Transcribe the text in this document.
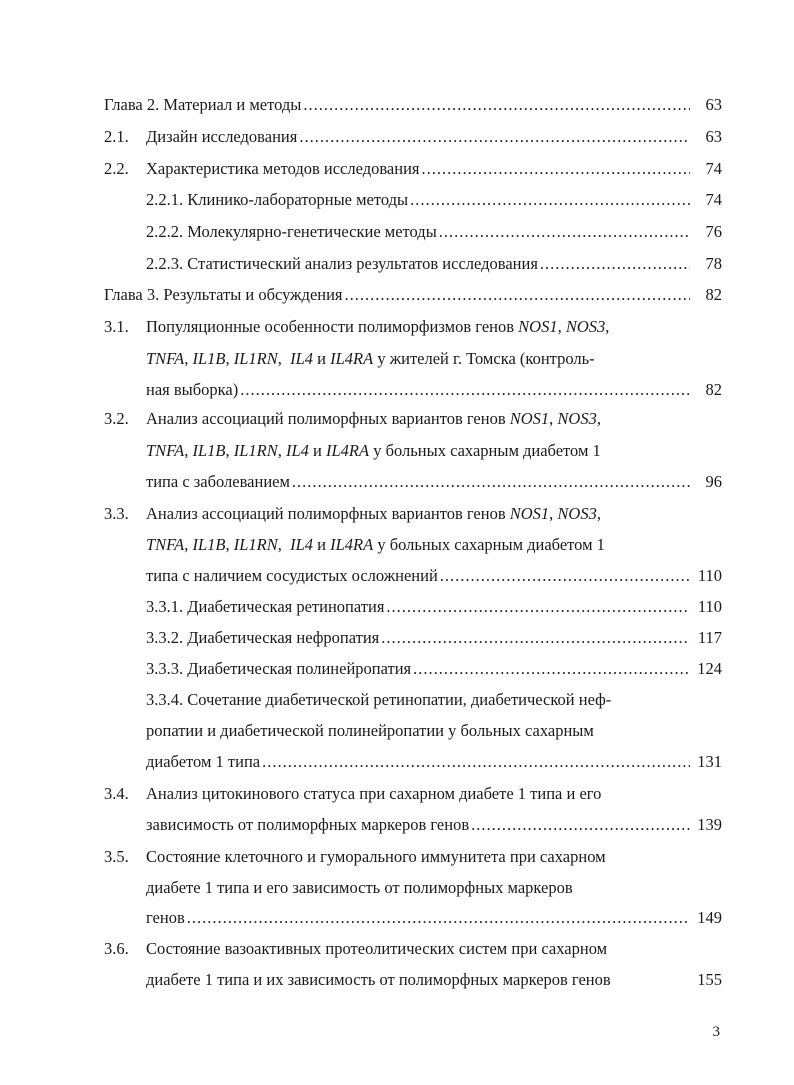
Глава 2. Материал и методы .....	63
2.1. Дизайн исследования .....	63
2.2. Характеристика методов исследования .....	74
2.2.1. Клинико-лабораторные методы .....	74
2.2.2. Молекулярно-генетические методы .....	76
2.2.3. Статистический анализ результатов исследования .....	78
Глава 3. Результаты и обсуждения .....	82
3.1. Популяционные особенности полиморфизмов генов NOS1, NOS3,
TNFA, IL1B, IL1RN,  IL4 и IL4RA у жителей г. Томска (контроль-
ная выборка) .....	82
3.2. Анализ ассоциаций полиморфных вариантов генов NOS1, NOS3,
TNFA, IL1B, IL1RN, IL4 и IL4RA у больных сахарным диабетом 1
типа с заболеванием .....	96
3.3. Анализ ассоциаций полиморфных вариантов генов NOS1, NOS3,
TNFA, IL1B, IL1RN,  IL4 и IL4RA у больных сахарным диабетом 1
типа с наличием сосудистых осложнений .....	110
3.3.1. Диабетическая ретинопатия .....	110
3.3.2. Диабетическая нефропатия .....	117
3.3.3. Диабетическая полинейропатия .....	124
3.3.4. Сочетание диабетической ретинопатии, диабетической неф-
ропатии и диабетической полинейропатии у больных сахарным
диабетом 1 типа .....	131
3.4. Анализ цитокинового статуса при сахарном диабете 1 типа и его
зависимость от полиморфных маркеров генов .....	139
3.5. Состояние клеточного и гуморального иммунитета при сахарном
диабете 1 типа и его зависимость от полиморфных маркеров
генов .....	149
3.6. Состояние вазоактивных протеолитических систем при сахарном
диабете 1 типа и их зависимость от полиморфных маркеров генов	155
3
